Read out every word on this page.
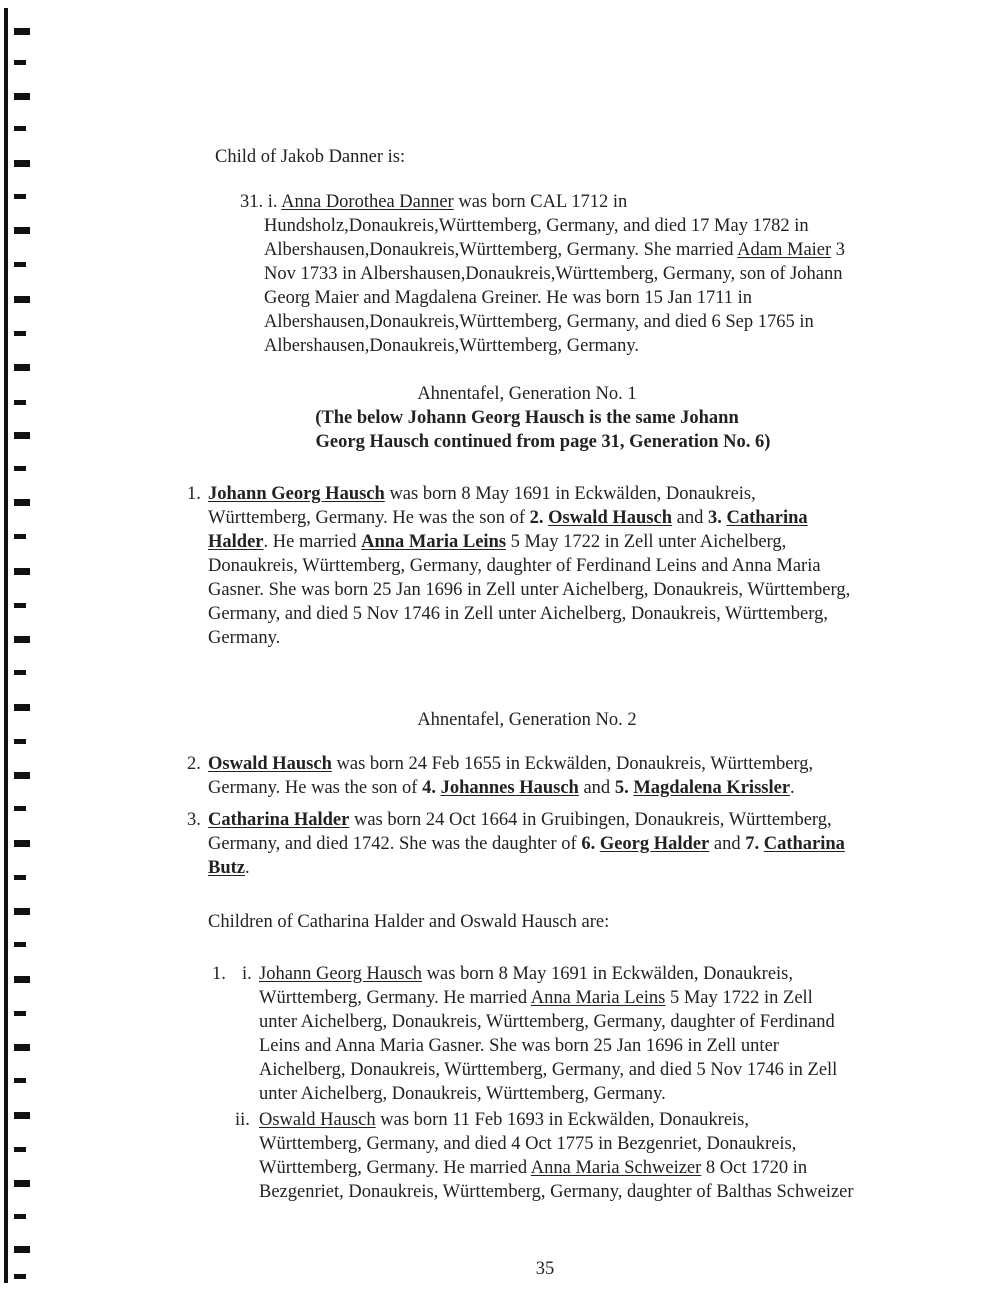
Child of Jakob Danner is:
31. i. Anna Dorothea Danner was born CAL 1712 in
Hundsholz,Donaukreis,Württemberg, Germany, and died 17 May 1782 in
Albershausen,Donaukreis,Württemberg, Germany. She married Adam Maier 3
Nov 1733 in Albershausen,Donaukreis,Württemberg, Germany, son of Johann
Georg Maier and Magdalena Greiner. He was born 15 Jan 1711 in
Albershausen,Donaukreis,Württemberg, Germany, and died 6 Sep 1765 in
Albershausen,Donaukreis,Württemberg, Germany.
Ahnentafel, Generation No. 1
(The below Johann Georg Hausch is the same Johann
Georg Hausch continued from page 31, Generation No. 6)
1. Johann Georg Hausch was born 8 May 1691 in Eckwälden, Donaukreis,
Württemberg, Germany. He was the son of 2. Oswald Hausch and 3. Catharina
Halder. He married Anna Maria Leins 5 May 1722 in Zell unter Aichelberg,
Donaukreis, Württemberg, Germany, daughter of Ferdinand Leins and Anna Maria
Gasner. She was born 25 Jan 1696 in Zell unter Aichelberg, Donaukreis, Württemberg,
Germany, and died 5 Nov 1746 in Zell unter Aichelberg, Donaukreis, Württemberg,
Germany.
Ahnentafel, Generation No. 2
2. Oswald Hausch was born 24 Feb 1655 in Eckwälden, Donaukreis, Württemberg,
Germany. He was the son of 4. Johannes Hausch and 5. Magdalena Krissler.
3. Catharina Halder was born 24 Oct 1664 in Gruibingen, Donaukreis, Württemberg,
Germany, and died 1742. She was the daughter of 6. Georg Halder and 7. Catharina
Butz.
Children of Catharina Halder and Oswald Hausch are:
1. i. Johann Georg Hausch was born 8 May 1691 in Eckwälden, Donaukreis,
Württemberg, Germany. He married Anna Maria Leins 5 May 1722 in Zell
unter Aichelberg, Donaukreis, Württemberg, Germany, daughter of Ferdinand
Leins and Anna Maria Gasner. She was born 25 Jan 1696 in Zell unter
Aichelberg, Donaukreis, Württemberg, Germany, and died 5 Nov 1746 in Zell
unter Aichelberg, Donaukreis, Württemberg, Germany.
ii. Oswald Hausch was born 11 Feb 1693 in Eckwälden, Donaukreis,
Württemberg, Germany, and died 4 Oct 1775 in Bezgenriet, Donaukreis,
Württemberg, Germany. He married Anna Maria Schweizer 8 Oct 1720 in
Bezgenriet, Donaukreis, Württemberg, Germany, daughter of Balthas Schweizer
35
